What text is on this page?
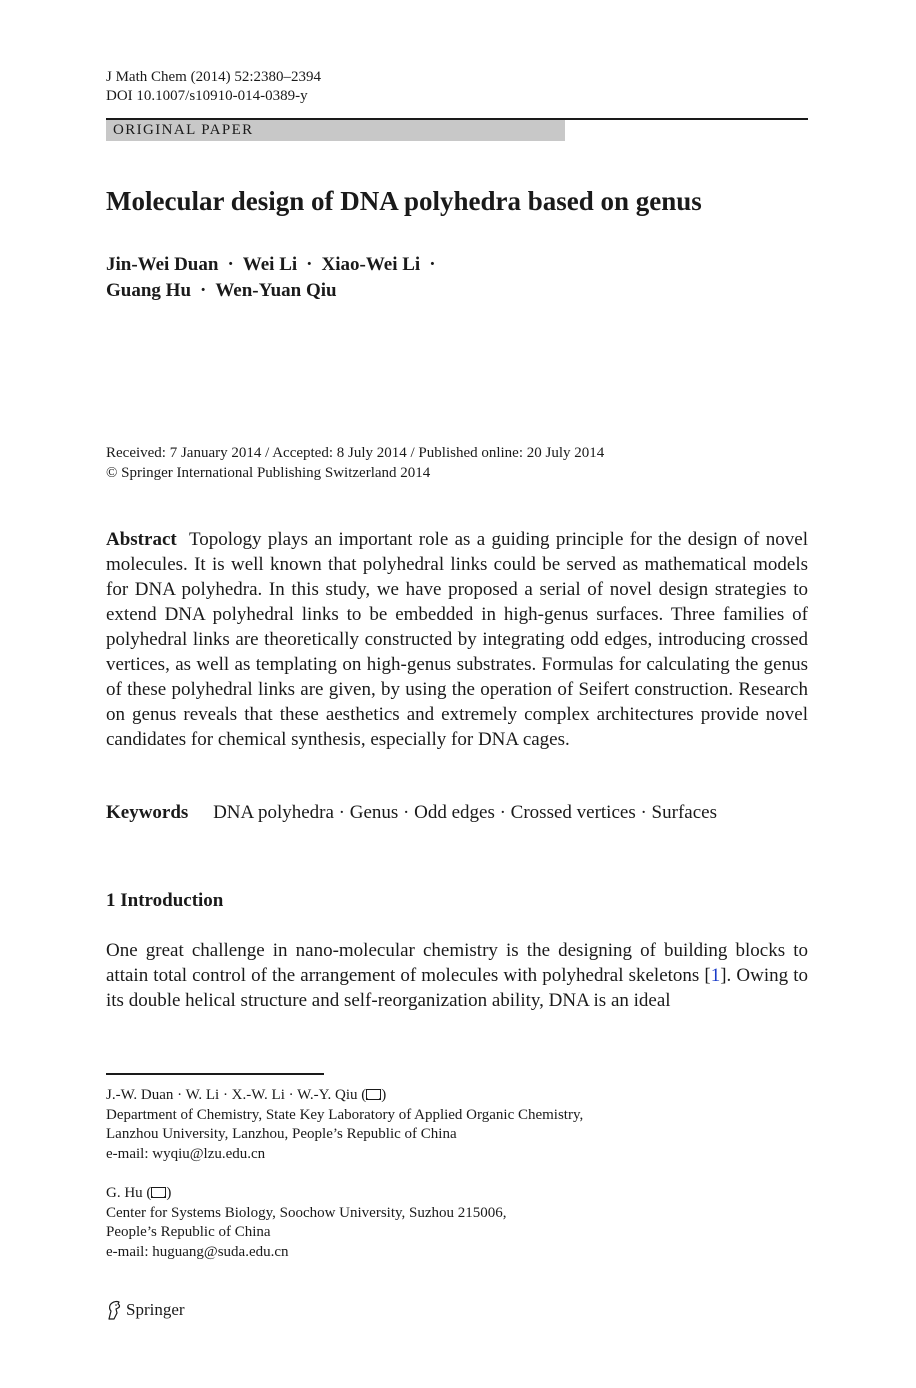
J Math Chem (2014) 52:2380–2394
DOI 10.1007/s10910-014-0389-y
ORIGINAL PAPER
Molecular design of DNA polyhedra based on genus
Jin-Wei Duan · Wei Li · Xiao-Wei Li ·
Guang Hu · Wen-Yuan Qiu
Received: 7 January 2014 / Accepted: 8 July 2014 / Published online: 20 July 2014
© Springer International Publishing Switzerland 2014
Abstract Topology plays an important role as a guiding principle for the design of novel molecules. It is well known that polyhedral links could be served as mathematical models for DNA polyhedra. In this study, we have proposed a serial of novel design strategies to extend DNA polyhedral links to be embedded in high-genus surfaces. Three families of polyhedral links are theoretically constructed by integrating odd edges, introducing crossed vertices, as well as templating on high-genus substrates. Formulas for calculating the genus of these polyhedral links are given, by using the operation of Seifert construction. Research on genus reveals that these aesthetics and extremely complex architectures provide novel candidates for chemical synthesis, especially for DNA cages.
Keywords DNA polyhedra · Genus · Odd edges · Crossed vertices · Surfaces
1 Introduction
One great challenge in nano-molecular chemistry is the designing of building blocks to attain total control of the arrangement of molecules with polyhedral skeletons [1]. Owing to its double helical structure and self-reorganization ability, DNA is an ideal
J.-W. Duan · W. Li · X.-W. Li · W.-Y. Qiu ( )
Department of Chemistry, State Key Laboratory of Applied Organic Chemistry,
Lanzhou University, Lanzhou, People’s Republic of China
e-mail: wyqiu@lzu.edu.cn
G. Hu ( )
Center for Systems Biology, Soochow University, Suzhou 215006,
People’s Republic of China
e-mail: huguang@suda.edu.cn
Springer
